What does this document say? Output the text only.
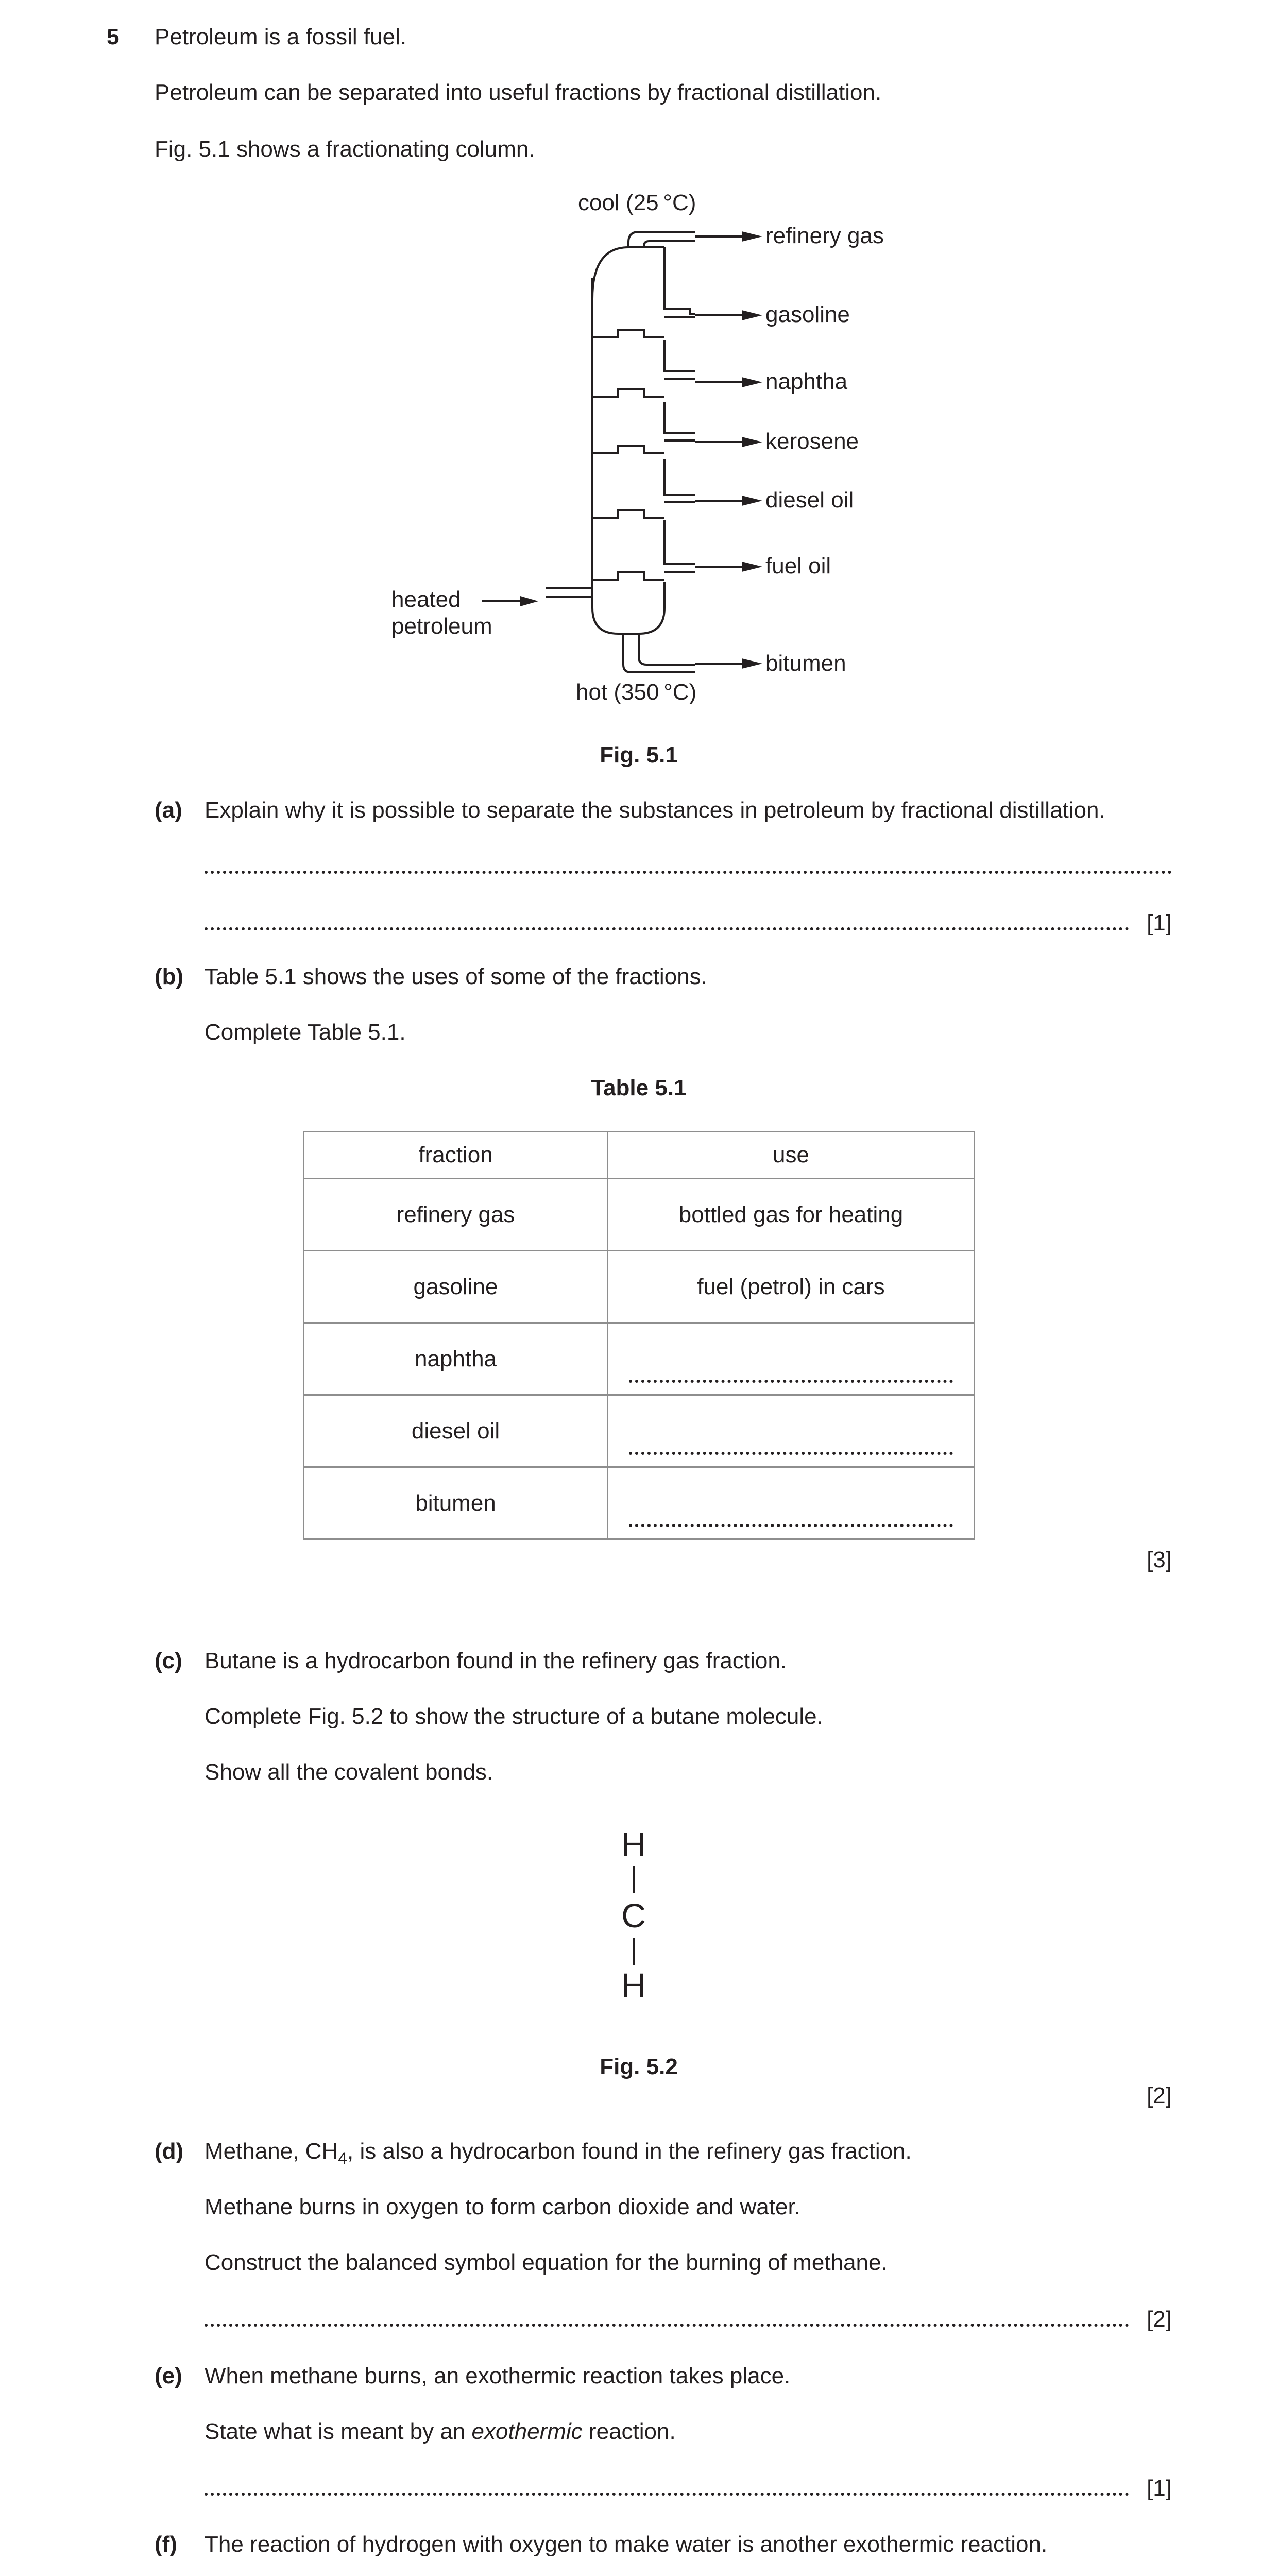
5 Petroleum is a fossil fuel.
Petroleum can be separated into useful fractions by fractional distillation.
Fig. 5.1 shows a fractionating column.
cool (25 °C)
hot (350 °C)
heated
petroleum
refinery gas
gasoline
naphtha
kerosene
diesel oil
fuel oil
bitumen
Fig. 5.1
(a) Explain why it is possible to separate the substances in petroleum by fractional distillation.
[1]
(b) Table 5.1 shows the uses of some of the fractions.
Complete Table 5.1.
Table 5.1
fraction	use
refinery gas	bottled gas for heating
gasoline	fuel (petrol) in cars
naphtha	

diesel oil	

bitumen	
[3]
(c) Butane is a hydrocarbon found in the refinery gas fraction.
Complete Fig. 5.2 to show the structure of a butane molecule.
Show all the covalent bonds.
H
C
H
Fig. 5.2
[2]
(d) Methane, $CH_4$, is also a hydrocarbon found in the refinery gas fraction.
Methane burns in oxygen to form carbon dioxide and water.
Construct the balanced symbol equation for the burning of methane.
[2]
(e) When methane burns, an exothermic reaction takes place.
State what is meant by an exothermic reaction.
[1]
(f) The reaction of hydrogen with oxygen to make water is another exothermic reaction.
